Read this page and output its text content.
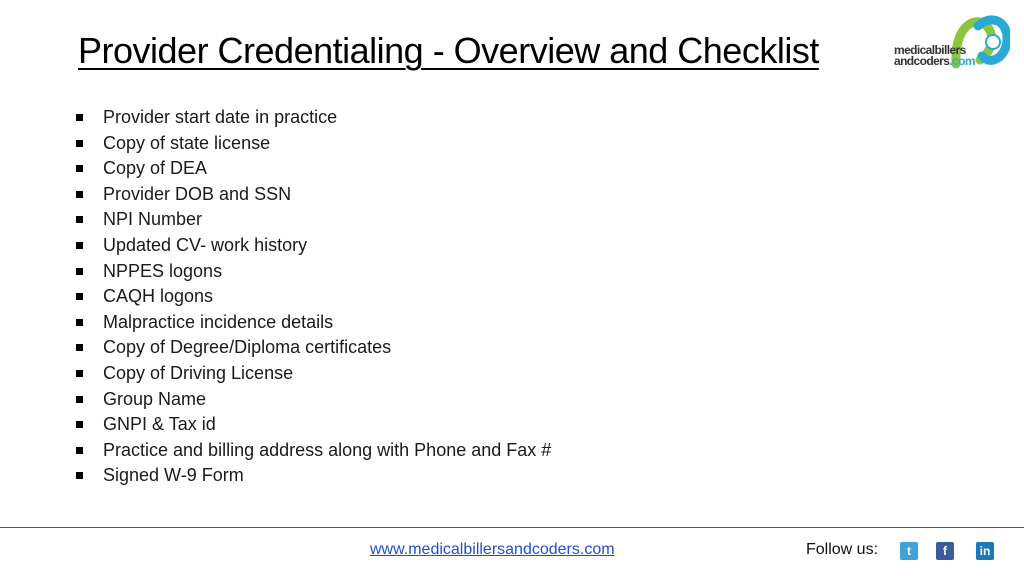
Provider Credentialing - Overview and Checklist	medicalbillers
andcoders.com
Provider start date in practice
Copy of state license
Copy of DEA
Provider DOB and SSN
NPI Number
Updated CV- work history
NPPES logons
CAQH logons
Malpractice incidence details
Copy of Degree/Diploma certificates
Copy of Driving License
Group Name
GNPI & Tax id
Practice and billing address along with Phone and Fax #
Signed W-9 Form
www.medicalbillersandcoders.com	Follow us:	t	f	in
